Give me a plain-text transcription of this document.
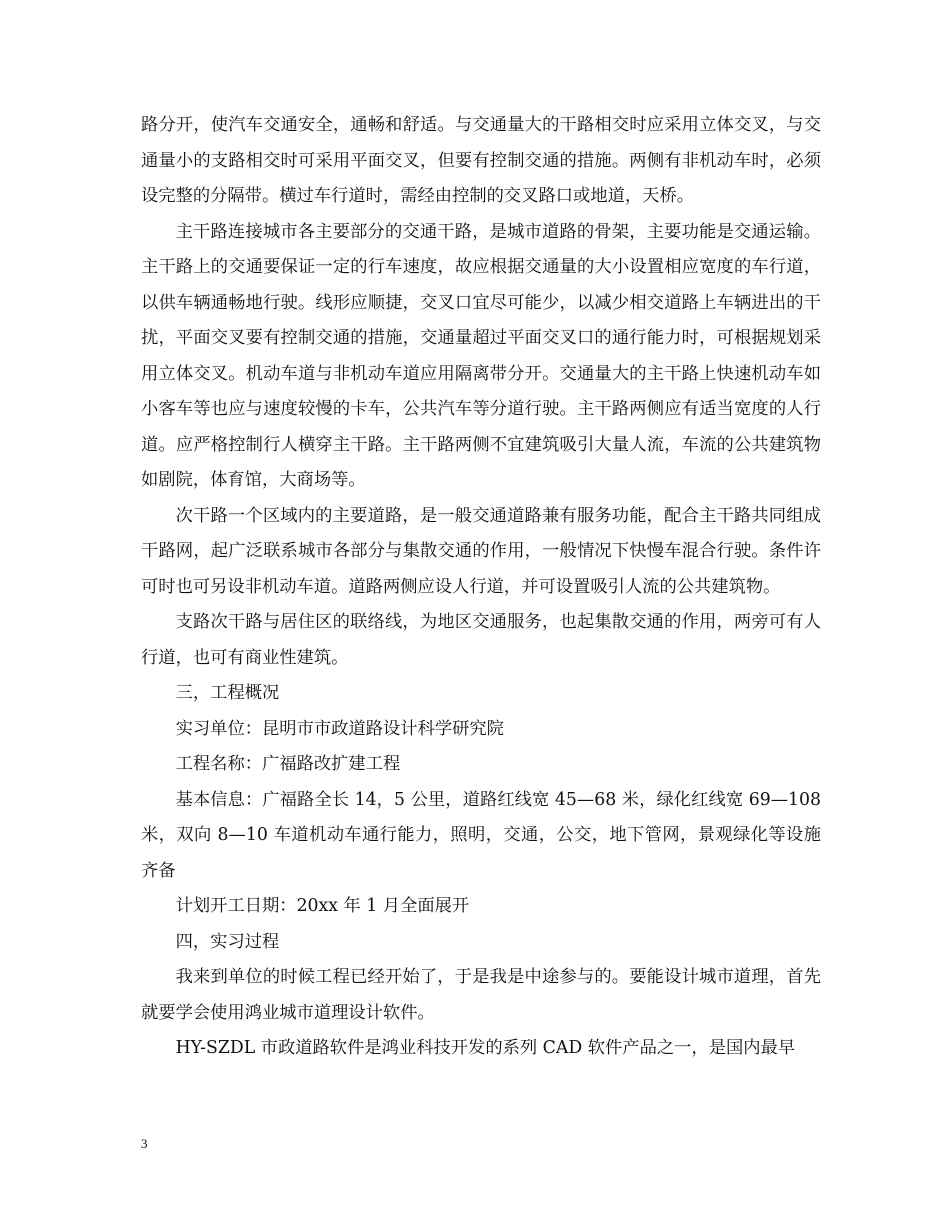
路分开，使汽车交通安全，通畅和舒适。与交通量大的干路相交时应采用立体交叉，与交通量小的支路相交时可采用平面交叉，但要有控制交通的措施。两侧有非机动车时，必须设完整的分隔带。横过车行道时，需经由控制的交叉路口或地道，天桥。

主干路连接城市各主要部分的交通干路，是城市道路的骨架，主要功能是交通运输。主干路上的交通要保证一定的行车速度，故应根据交通量的大小设置相应宽度的车行道，以供车辆通畅地行驶。线形应顺捷，交叉口宜尽可能少，以减少相交道路上车辆进出的干扰，平面交叉要有控制交通的措施，交通量超过平面交叉口的通行能力时，可根据规划采用立体交叉。机动车道与非机动车道应用隔离带分开。交通量大的主干路上快速机动车如小客车等也应与速度较慢的卡车，公共汽车等分道行驶。主干路两侧应有适当宽度的人行道。应严格控制行人横穿主干路。主干路两侧不宜建筑吸引大量人流，车流的公共建筑物如剧院，体育馆，大商场等。

次干路一个区域内的主要道路，是一般交通道路兼有服务功能，配合主干路共同组成干路网，起广泛联系城市各部分与集散交通的作用，一般情况下快慢车混合行驶。条件许可时也可另设非机动车道。道路两侧应设人行道，并可设置吸引人流的公共建筑物。

支路次干路与居住区的联络线，为地区交通服务，也起集散交通的作用，两旁可有人行道，也可有商业性建筑。

三，工程概况

实习单位：昆明市市政道路设计科学研究院

工程名称：广福路改扩建工程

基本信息：广福路全长 14，5 公里，道路红线宽 45—68 米，绿化红线宽 69—108 米，双向 8—10 车道机动车通行能力，照明，交通，公交，地下管网，景观绿化等设施齐备

计划开工日期：20xx 年 1 月全面展开

四，实习过程

我来到单位的时候工程已经开始了，于是我是中途参与的。要能设计城市道理，首先就要学会使用鸿业城市道理设计软件。

HY-SZDL 市政道路软件是鸿业科技开发的系列 CAD 软件产品之一，是国内最早

3
